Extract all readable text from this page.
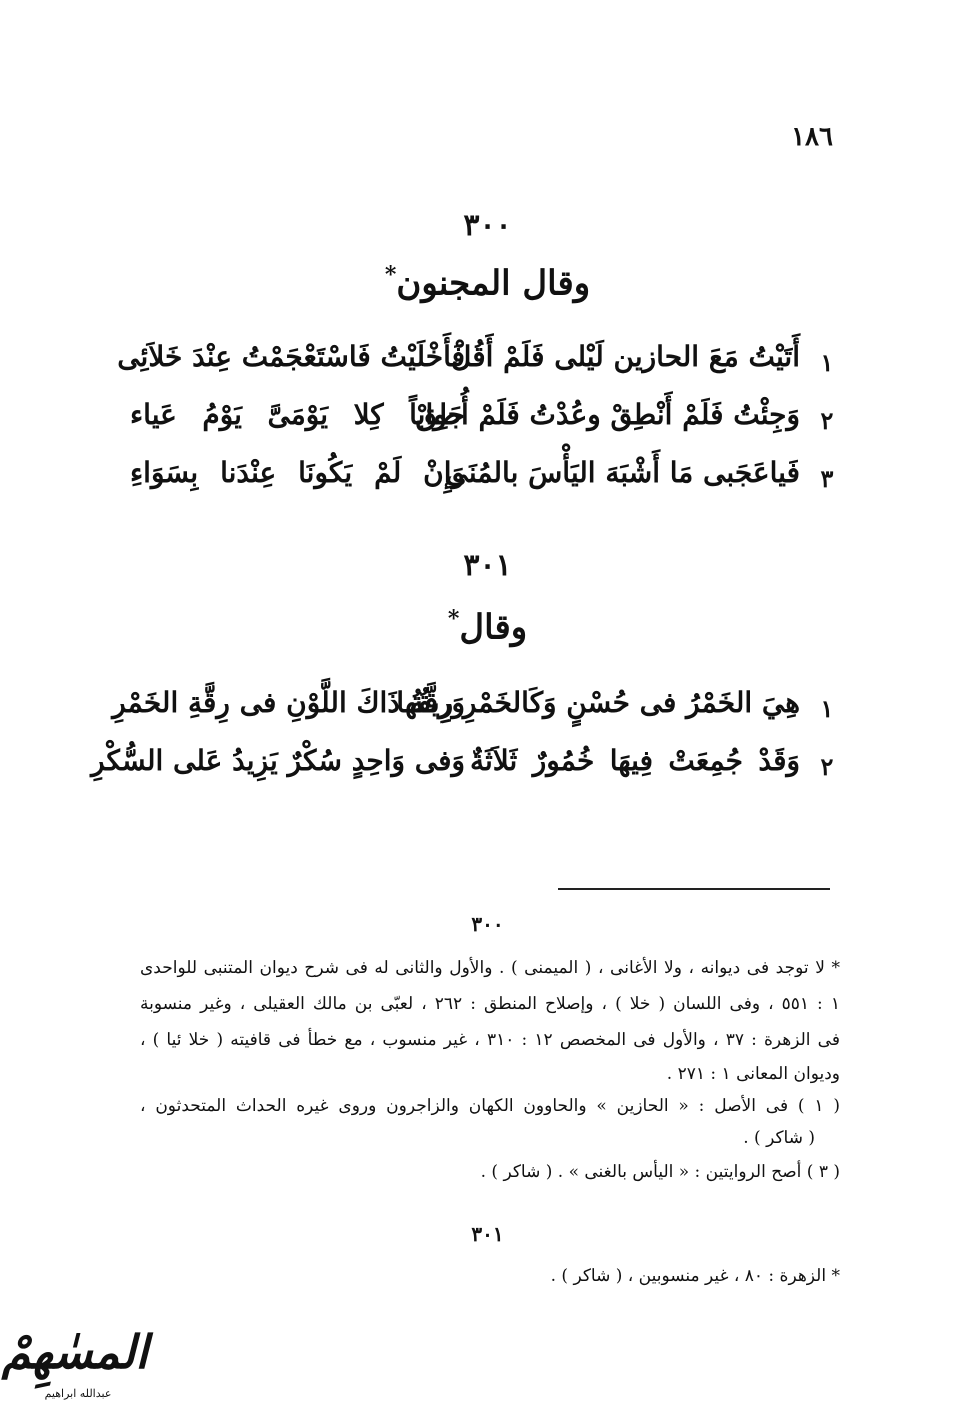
١٨٦
٣٠٠
وقال المجنون*
١
أَتَيْتُ مَعَ الحازين لَيْلى فَلَمْ أَقُلْ
فَأَخْلَيْتُ فَاسْتَعْجَمْتُ عِنْدَ خَلاَئِى
٢
وَجِئْتُ فَلَمْ أَنْطِقْ وعُدْتُ فَلَمْ أُطِقْ
جَواباً كِلا يَوْمَىَّ يَوْمُ عَياء
٣
فَياعَجَبى مَا أَشْبَهَ اليَأْسَ بالمُنَى
وَإِنْ لَمْ يَكُونَا عِنْدَنا بِسَوَاءِ
٣٠١
وقال*
١
هِيَ الخَمْرُ فى حُسْنٍ وَكَالخَمْرِ رِيقُها
وَرِقَّةُ ذَاكَ اللَّوْنِ فى رِقَّةِ الخَمْرِ
٢
وَقَدْ جُمِعَتْ فِيهَا خُمُورٌ ثَلاَثَةٌ
وَفى وَاحِدٍ سُكْرٌ يَزِيدُ عَلى السُّكْرِ
٣٠٠
* لا توجد فى ديوانه ، ولا الأغانى ، ( الميمنى ) . والأول والثانى له فى شرح ديوان المتنبى للواحدى
١ : ٥٥١ ، وفى اللسان ( خلا ) ، وإصلاح المنطق : ٢٦٢ ، لعبّى بن مالك العقيلى ، وغير منسوبة
فى الزهرة : ٣٧ ، والأول فى المخصص ١٢ : ٣١٠ ، غير منسوب ، مع خطأ فى قافيته ( خلا ئيا ) ،
وديوان المعانى ١ : ٢٧١ .
( ١ ) فى الأصل : « الحازين » والحاوون الكهان والزاجرون وروى غيره الحداث المتحدثون ،
( شاكر ) .
( ٣ ) أصح الروايتين : « اليأس بالغنى » . ( شاكر ) .
٣٠١
* الزهرة : ٨٠ ، غير منسوبين ، ( شاكر ) .
المسٰهِمْ
عبدالله ابراهيم
